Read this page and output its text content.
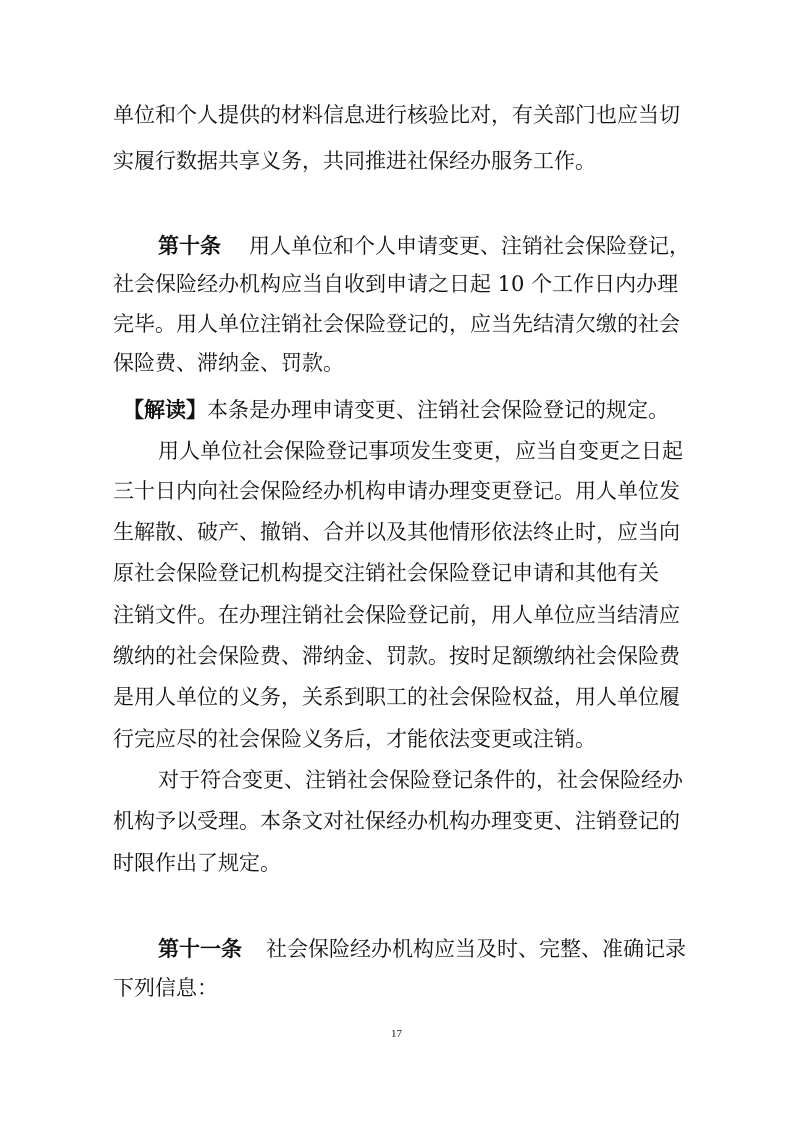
单位和个人提供的材料信息进行核验比对，有关部门也应当切
实履行数据共享义务，共同推进社保经办服务工作。
第十条 用人单位和个人申请变更、注销社会保险登记，
社会保险经办机构应当自收到申请之日起 10 个工作日内办理
完毕。用人单位注销社会保险登记的，应当先结清欠缴的社会
保险费、滞纳金、罚款。
【解读】本条是办理申请变更、注销社会保险登记的规定。
用人单位社会保险登记事项发生变更，应当自变更之日起
三十日内向社会保险经办机构申请办理变更登记。用人单位发
生解散、破产、撤销、合并以及其他情形依法终止时，应当向
原社会保险登记机构提交注销社会保险登记申请和其他有关
注销文件。在办理注销社会保险登记前，用人单位应当结清应
缴纳的社会保险费、滞纳金、罚款。按时足额缴纳社会保险费
是用人单位的义务，关系到职工的社会保险权益，用人单位履
行完应尽的社会保险义务后，才能依法变更或注销。
对于符合变更、注销社会保险登记条件的，社会保险经办
机构予以受理。本条文对社保经办机构办理变更、注销登记的
时限作出了规定。
第十一条 社会保险经办机构应当及时、完整、准确记录
下列信息：
17
